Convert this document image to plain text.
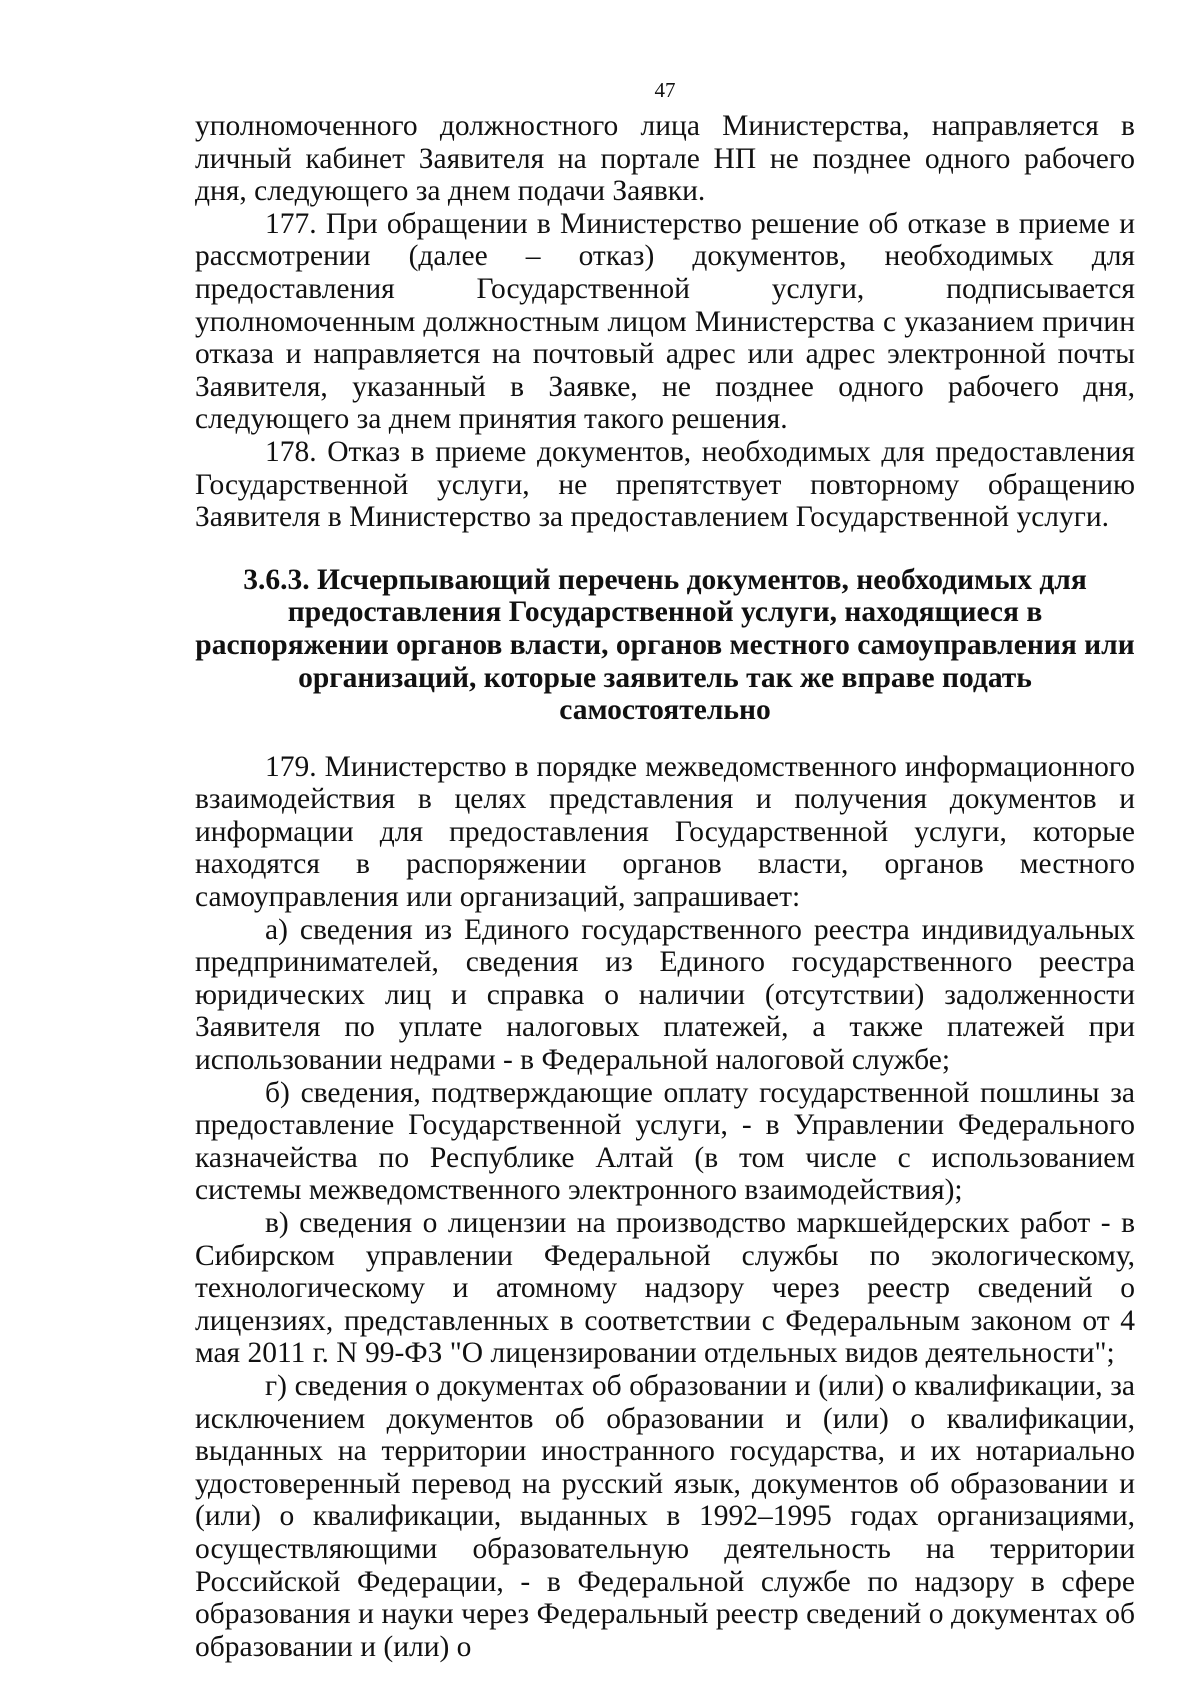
47

уполномоченного должностного лица Министерства, направляется в личный кабинет Заявителя на портале НП не позднее одного рабочего дня, следующего за днем подачи Заявки.

177. При обращении в Министерство решение об отказе в приеме и рассмотрении (далее – отказ) документов, необходимых для предоставления Государственной услуги, подписывается уполномоченным должностным лицом Министерства с указанием причин отказа и направляется на почтовый адрес или адрес электронной почты Заявителя, указанный в Заявке, не позднее одного рабочего дня, следующего за днем принятия такого решения.

178. Отказ в приеме документов, необходимых для предоставления Государственной услуги, не препятствует повторному обращению Заявителя в Министерство за предоставлением Государственной услуги.

3.6.3. Исчерпывающий перечень документов, необходимых для предоставления Государственной услуги, находящиеся в распоряжении органов власти, органов местного самоуправления или организаций, которые заявитель так же вправе подать самостоятельно

179. Министерство в порядке межведомственного информационного взаимодействия в целях представления и получения документов и информации для предоставления Государственной услуги, которые находятся в распоряжении органов власти, органов местного самоуправления или организаций, запрашивает:

а) сведения из Единого государственного реестра индивидуальных предпринимателей, сведения из Единого государственного реестра юридических лиц и справка о наличии (отсутствии) задолженности Заявителя по уплате налоговых платежей, а также платежей при использовании недрами - в Федеральной налоговой службе;

б) сведения, подтверждающие оплату государственной пошлины за предоставление Государственной услуги, - в Управлении Федерального казначейства по Республике Алтай (в том числе с использованием системы межведомственного электронного взаимодействия);

в) сведения о лицензии на производство маркшейдерских работ - в Сибирском управлении Федеральной службы по экологическому, технологическому и атомному надзору через реестр сведений о лицензиях, представленных в соответствии с Федеральным законом от 4 мая 2011 г. N 99-ФЗ "О лицензировании отдельных видов деятельности";

г) сведения о документах об образовании и (или) о квалификации, за исключением документов об образовании и (или) о квалификации, выданных на территории иностранного государства, и их нотариально удостоверенный перевод на русский язык, документов об образовании и (или) о квалификации, выданных в 1992–1995 годах организациями, осуществляющими образовательную деятельность на территории Российской Федерации, - в Федеральной службе по надзору в сфере образования и науки через Федеральный реестр сведений о документах об образовании и (или) о
